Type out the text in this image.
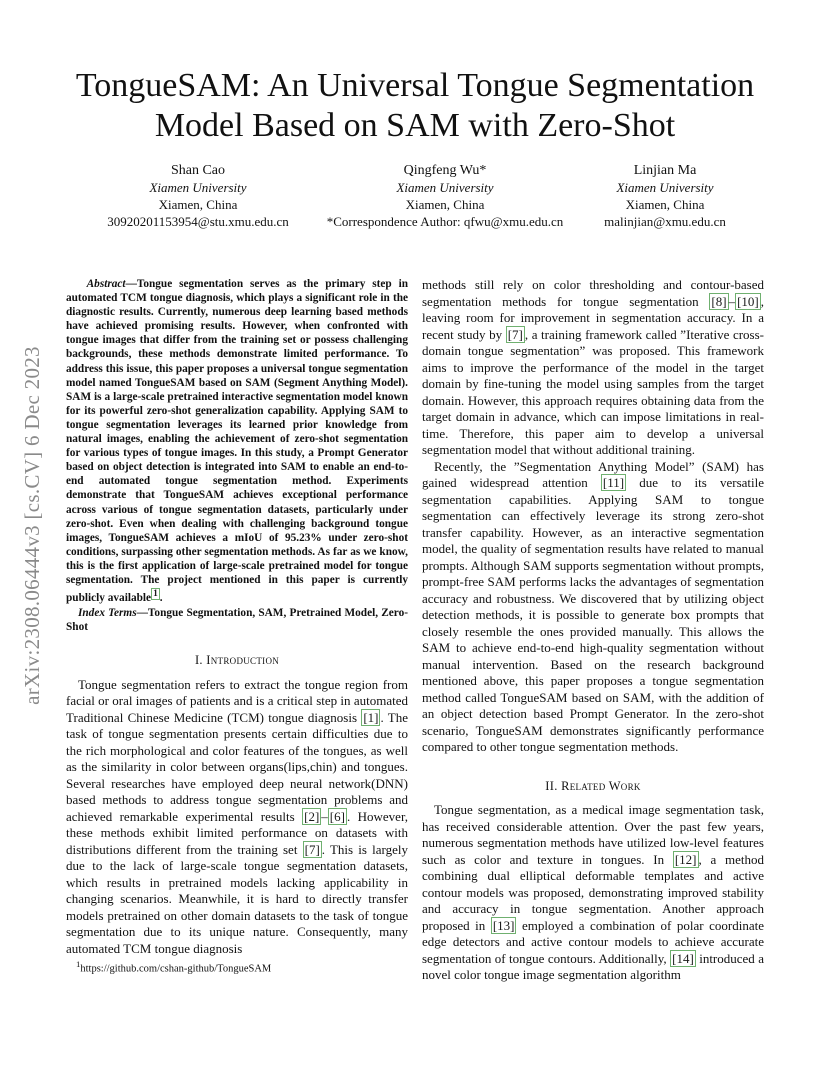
arXiv:2308.06444v3 [cs.CV] 6 Dec 2023
TongueSAM: An Universal Tongue Segmentation Model Based on SAM with Zero-Shot
Shan Cao
Xiamen University
Xiamen, China
30920201153954@stu.xmu.edu.cn
Qingfeng Wu*
Xiamen University
Xiamen, China
*Correspondence Author: qfwu@xmu.edu.cn
Linjian Ma
Xiamen University
Xiamen, China
malinjian@xmu.edu.cn

Abstract—Tongue segmentation serves as the primary step in automated TCM tongue diagnosis, which plays a significant role in the diagnostic results. Currently, numerous deep learning based methods have achieved promising results. However, when confronted with tongue images that differ from the training set or possess challenging backgrounds, these methods demonstrate limited performance. To address this issue, this paper proposes a universal tongue segmentation model named TongueSAM based on SAM (Segment Anything Model). SAM is a large-scale pretrained interactive segmentation model known for its powerful zero-shot generalization capability. Applying SAM to tongue segmentation leverages its learned prior knowledge from natural images, enabling the achievement of zero-shot segmentation for various types of tongue images. In this study, a Prompt Generator based on object detection is integrated into SAM to enable an end-to-end automated tongue segmentation method. Experiments demonstrate that TongueSAM achieves exceptional performance across various of tongue segmentation datasets, particularly under zero-shot. Even when dealing with challenging background tongue images, TongueSAM achieves a mIoU of 95.23% under zero-shot conditions, surpassing other segmentation methods. As far as we know, this is the first application of large-scale pretrained model for tongue segmentation. The project mentioned in this paper is currently publicly available $^1$ .

Index Terms—Tongue Segmentation, SAM, Pretrained Model, Zero-Shot

I. Introduction

Tongue segmentation refers to extract the tongue region from facial or oral images of patients and is a critical step in automated Traditional Chinese Medicine (TCM) tongue diagnosis [1] . The task of tongue segmentation presents certain difficulties due to the rich morphological and color features of the tongues, as well as the similarity in color between organs(lips,chin) and tongues. Several researches have employed deep neural network(DNN) based methods to address tongue segmentation problems and achieved remarkable experimental results [2] – [6] . However, these methods exhibit limited performance on datasets with distributions different from the training set [7] . This is largely due to the lack of large-scale tongue segmentation datasets, which results in pretrained models lacking applicability in changing scenarios. Meanwhile, it is hard to directly transfer models pretrained on other domain datasets to the task of tongue segmentation due to its unique nature. Consequently, many automated TCM tongue diagnosis

$^1$https://github.com/cshan-github/TongueSAM

methods still rely on color thresholding and contour-based segmentation methods for tongue segmentation [8] – [10] , leaving room for improvement in segmentation accuracy. In a recent study by [7] , a training framework called ”Iterative cross-domain tongue segmentation” was proposed. This framework aims to improve the performance of the model in the target domain by fine-tuning the model using samples from the target domain. However, this approach requires obtaining data from the target domain in advance, which can impose limitations in real-time. Therefore, this paper aim to develop a universal segmentation model that without additional training.

Recently, the ”Segmentation Anything Model” (SAM) has gained widespread attention [11] due to its versatile segmentation capabilities. Applying SAM to tongue segmentation can effectively leverage its strong zero-shot transfer capability. However, as an interactive segmentation model, the quality of segmentation results have related to manual prompts. Although SAM supports segmentation without prompts, prompt-free SAM performs lacks the advantages of segmentation accuracy and robustness. We discovered that by utilizing object detection methods, it is possible to generate box prompts that closely resemble the ones provided manually. This allows the SAM to achieve end-to-end high-quality segmentation without manual intervention. Based on the research background mentioned above, this paper proposes a tongue segmentation method called TongueSAM based on SAM, with the addition of an object detection based Prompt Generator. In the zero-shot scenario, TongueSAM demonstrates significantly performance compared to other tongue segmentation methods.

II. Related Work

Tongue segmentation, as a medical image segmentation task, has received considerable attention. Over the past few years, numerous segmentation methods have utilized low-level features such as color and texture in tongues. In [12] , a method combining dual elliptical deformable templates and active contour models was proposed, demonstrating improved stability and accuracy in tongue segmentation. Another approach proposed in [13] employed a combination of polar coordinate edge detectors and active contour models to achieve accurate segmentation of tongue contours. Additionally, [14] introduced a novel color tongue image segmentation algorithm
